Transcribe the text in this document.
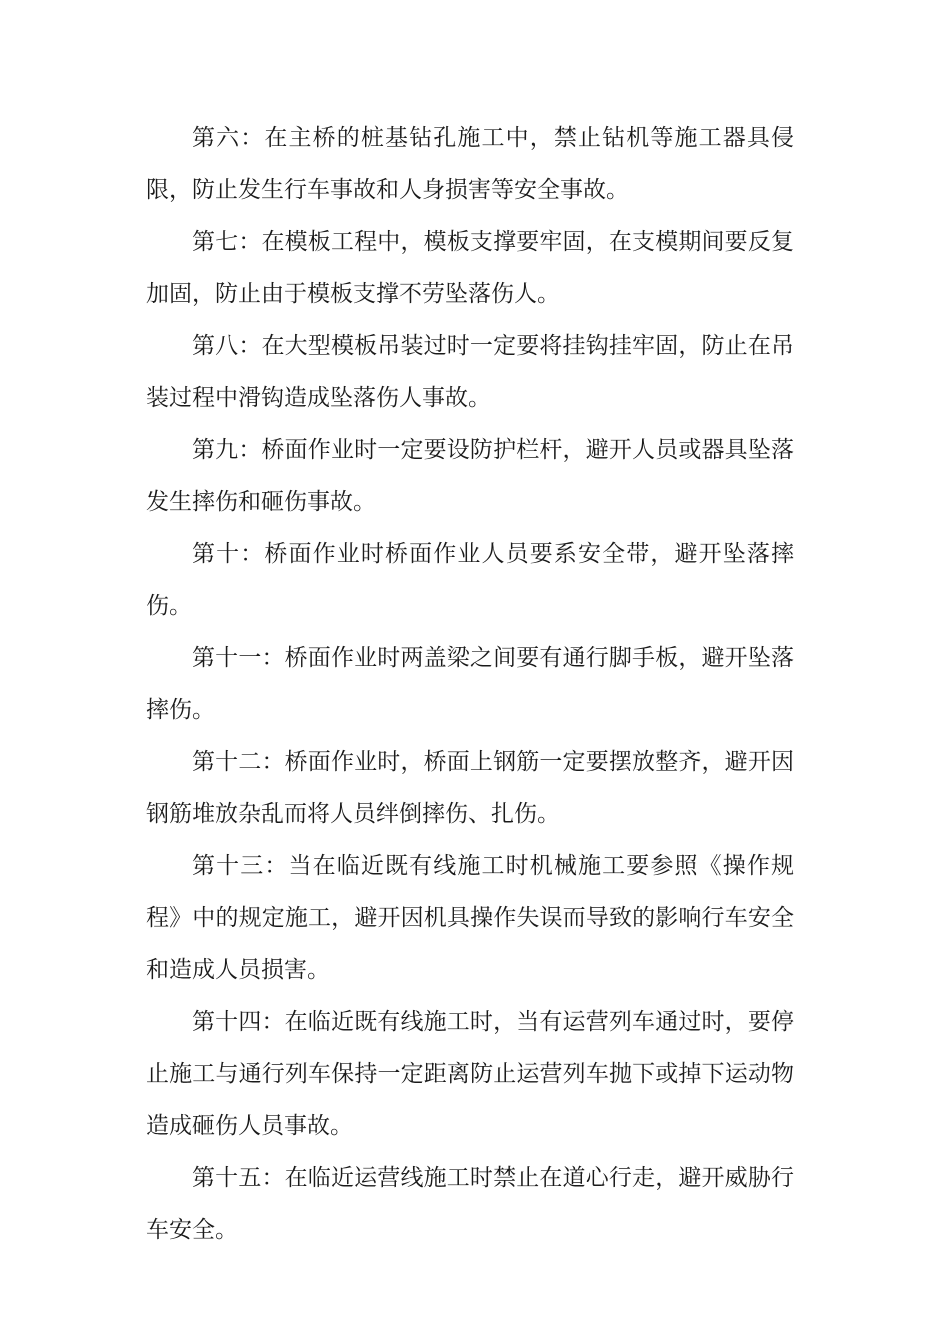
第六：在主桥的桩基钻孔施工中，禁止钻机等施工器具侵限，防止发生行车事故和人身损害等安全事故。

第七：在模板工程中，模板支撑要牢固，在支模期间要反复加固，防止由于模板支撑不劳坠落伤人。

第八：在大型模板吊装过时一定要将挂钩挂牢固，防止在吊装过程中滑钩造成坠落伤人事故。

第九：桥面作业时一定要设防护栏杆，避开人员或器具坠落发生摔伤和砸伤事故。

第十：桥面作业时桥面作业人员要系安全带，避开坠落摔伤。

第十一：桥面作业时两盖梁之间要有通行脚手板，避开坠落摔伤。

第十二：桥面作业时，桥面上钢筋一定要摆放整齐，避开因钢筋堆放杂乱而将人员绊倒摔伤、扎伤。

第十三：当在临近既有线施工时机械施工要参照《操作规程》中的规定施工，避开因机具操作失误而导致的影响行车安全和造成人员损害。

第十四：在临近既有线施工时，当有运营列车通过时，要停止施工与通行列车保持一定距离防止运营列车抛下或掉下运动物造成砸伤人员事故。

第十五：在临近运营线施工时禁止在道心行走，避开威胁行车安全。
